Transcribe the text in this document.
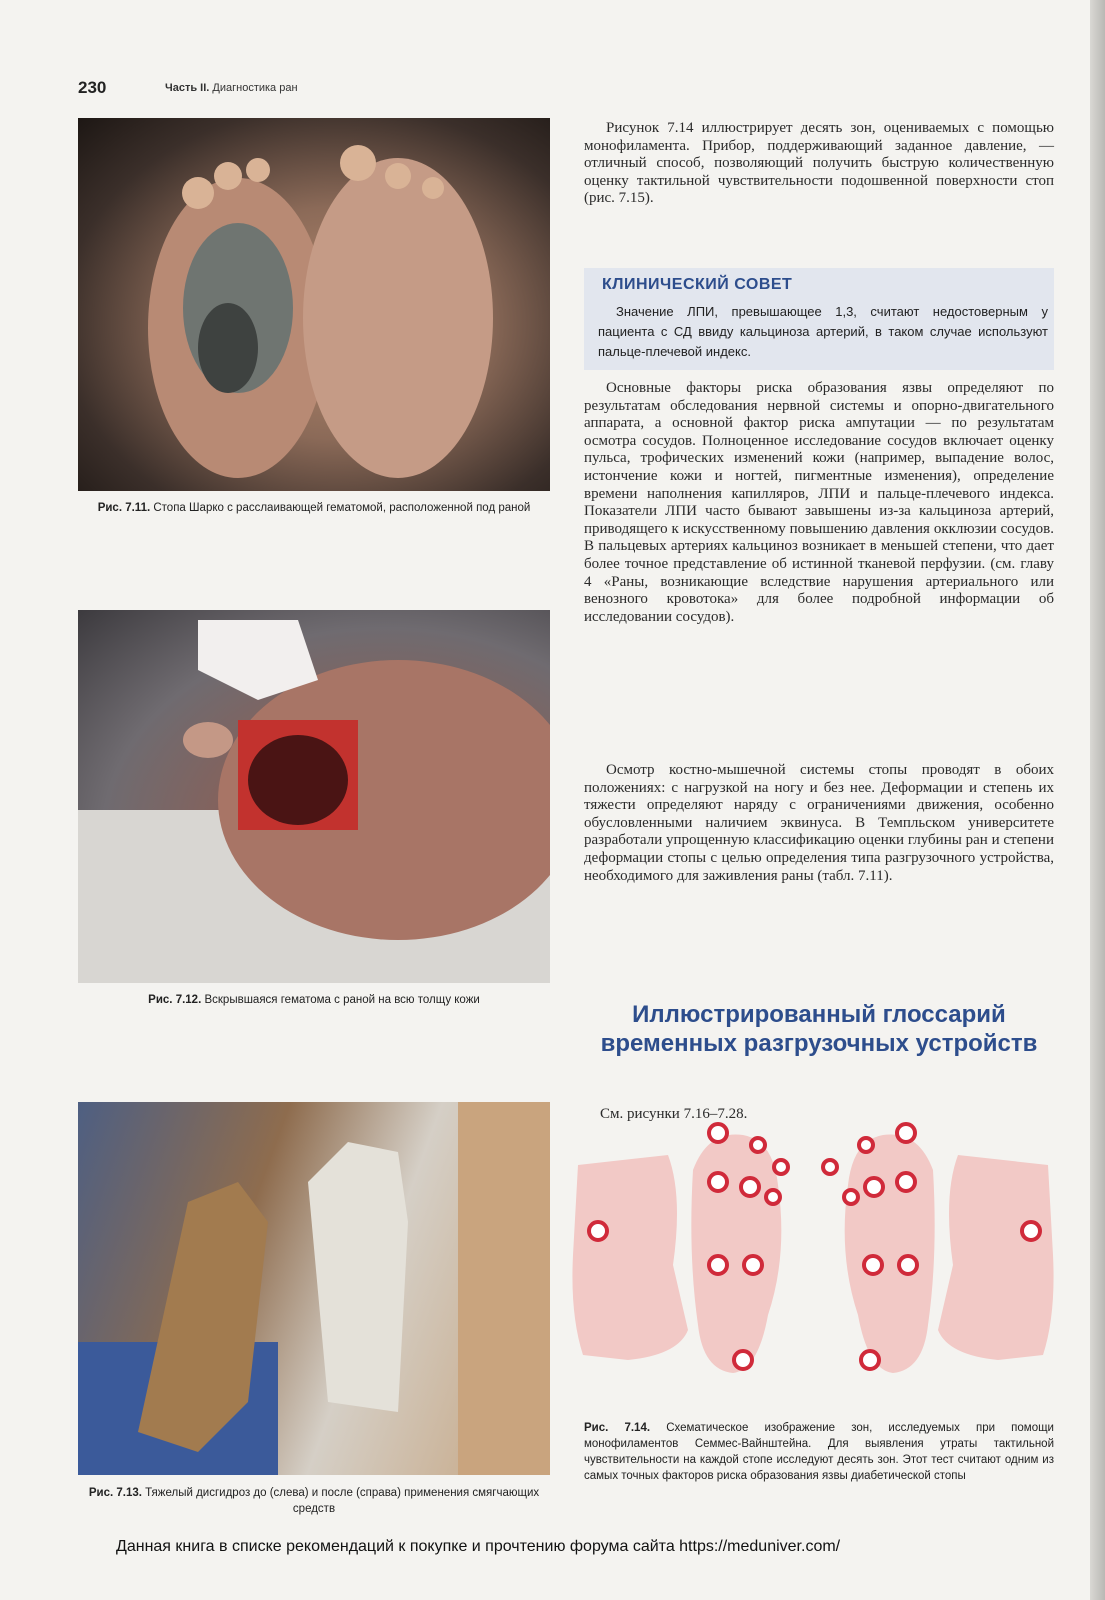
230	Часть II. Диагностика ран
Рис. 7.11. Стопа Шарко с расслаивающей гематомой, расположенной под раной
Рис. 7.12. Вскрывшаяся гематома с раной на всю толщу кожи
Рис. 7.13. Тяжелый дисгидроз до (слева) и после (справа) применения смягчающих средств

Рисунок 7.14 иллюстрирует десять зон, оцениваемых с помощью монофиламента. Прибор, поддерживающий заданное давление, — отличный способ, позволяющий получить быструю количественную оценку тактильной чувствительности подошвенной поверхности стоп (рис. 7.15).

КЛИНИЧЕСКИЙ СОВЕТ
Значение ЛПИ, превышающее 1,3, считают недостоверным у пациента с СД ввиду кальциноза артерий, в таком случае используют пальце-плечевой индекс.

Основные факторы риска образования язвы определяют по результатам обследования нервной системы и опорно-двигательного аппарата, а основной фактор риска ампутации — по результатам осмотра сосудов. Полноценное исследование сосудов включает оценку пульса, трофических изменений кожи (например, выпадение волос, истончение кожи и ногтей, пигментные изменения), определение времени наполнения капилляров, ЛПИ и пальце-плечевого индекса. Показатели ЛПИ часто бывают завышены из-за кальциноза артерий, приводящего к искусственному повышению давления окклюзии сосудов. В пальцевых артериях кальциноз возникает в меньшей степени, что дает более точное представление об истинной тканевой перфузии. (см. главу 4 «Раны, возникающие вследствие нарушения артериального или венозного кровотока» для более подробной информации об исследовании сосудов).

Осмотр костно-мышечной системы стопы проводят в обоих положениях: с нагрузкой на ногу и без нее. Деформации и степень их тяжести определяют наряду с ограничениями движения, особенно обусловленными наличием эквинуса. В Темпльском университете разработали упрощенную классификацию оценки глубины ран и степени деформации стопы с целью определения типа разгрузочного устройства, необходимого для заживления раны (табл. 7.11).

Иллюстрированный глоссарий временных разгрузочных устройств
См. рисунки 7.16–7.28.
Рис. 7.14. Схематическое изображение зон, исследуемых при помощи монофиламентов Семмес-Вайнштейна. Для выявления утраты тактильной чувствительности на каждой стопе исследуют десять зон. Этот тест считают одним из самых точных факторов риска образования язвы диабетической стопы
Данная книга в списке рекомендаций к покупке и прочтению форума сайта https://meduniver.com/
